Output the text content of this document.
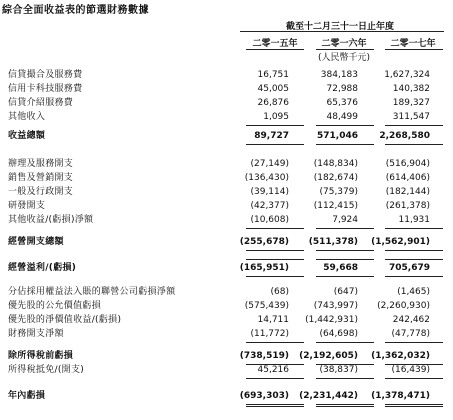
綜合全面收益表的節選財務數據
截至十二月三十一日止年度
二零一五年	二零一六年	二零一七年
(人民幣千元)
信貸撮合及服務費	16,751	384,183	1,627,324
信用卡科技服務費	45,005	72,988	140,382
信貸介紹服務費	26,876	65,376	189,327
其他收入	1,095	48,499	311,547
收益總額	89,727	571,046 2,268,580
辦理及服務開支	(27,149)	(148,834)	(516,904)
銷售及營銷開支	(136,430)	(182,674)	(614,406)
一般及行政開支	(39,114)	(75,379)	(182,144)
研發開支	(42,377)	(112,415)	(261,378)
其他收益/(虧損)淨額	(10,608)	7,924	11,931
經營開支總額	(255,678) (511,378) (1,562,901)
經營溢利/(虧損)	(165,951)	59,668	705,679
分佔採用權益法入賬的聯營公司虧損淨額	(68)	(647)	(1,465)
優先股的公允價值虧損	(575,439)	(743,997) (2,260,930)
優先股的淨價值收益/(虧損)	14,711 (1,442,931)	242,462
財務開支淨額	(11,772)	(64,698)	(47,778)
除所得稅前虧損	(738,519) (2,192,605) (1,362,032)
所得稅抵免/(開支)	45,216	(38,837)	(16,439)
年內虧損	(693,303) (2,231,442) (1,378,471)
